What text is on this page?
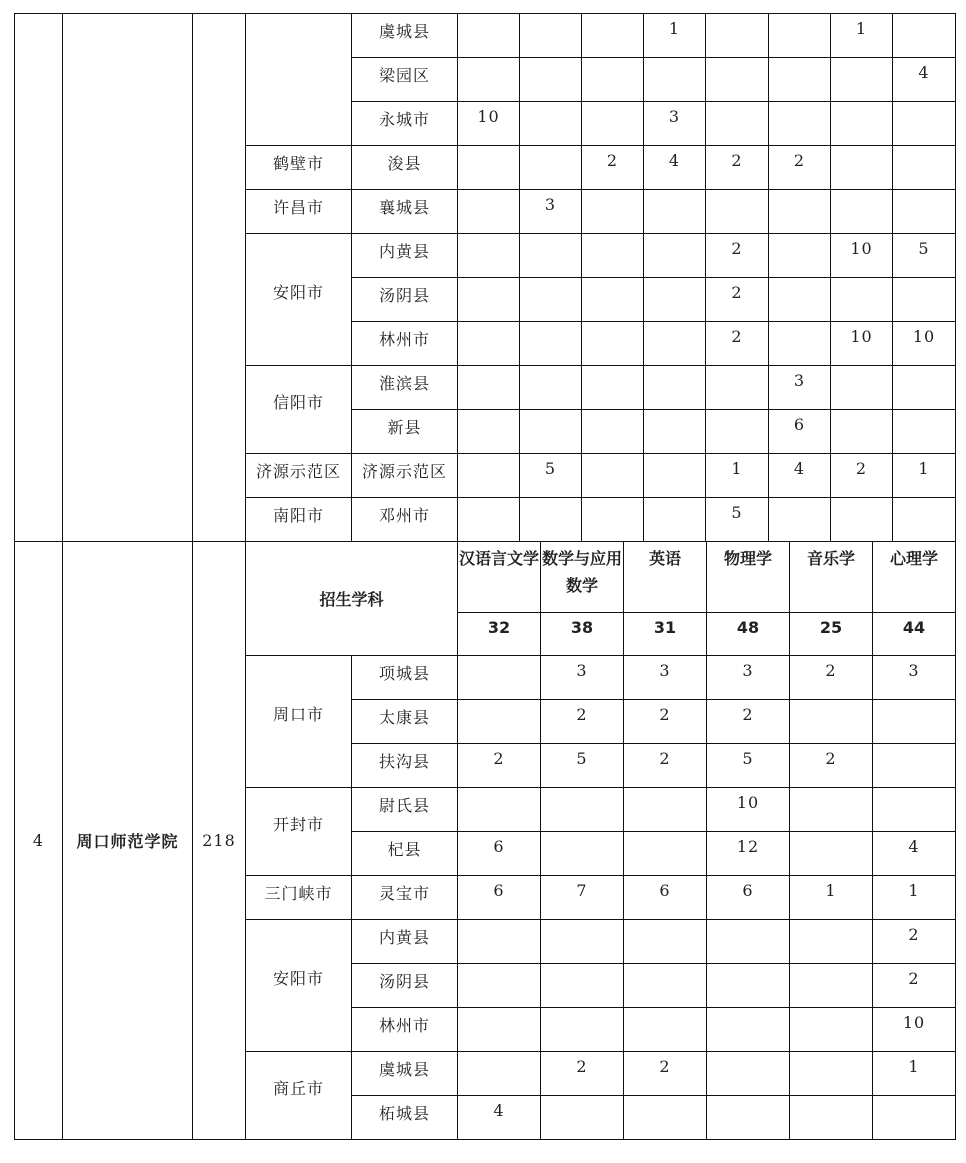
				虞城县				1			1	
				梁园区								4
				永城市	10			3				
			鹤壁市	浚县			2	4	2	2		
			许昌市	襄城县		3						
			安阳市	内黄县					2		10	5
				汤阴县					2			
				林州市					2		10	10
			信阳市	淮滨县						3		
				新县						6		
			济源示范区	济源示范区		5			1	4	2	1
			南阳市	邓州市					5			
4	周口师范学院	218	招生学科		汉语言文学	数学与应用数学	英语	物理学	音乐学	心理学
					32	38	31	48	25	44
			周口市	项城县		3	3	3	2	3
				太康县		2	2	2		
				扶沟县	2	5	2	5	2	
			开封市	尉氏县				10		
				杞县	6			12		4
			三门峡市	灵宝市	6	7	6	6	1	1
			安阳市	内黄县						2
				汤阴县						2
				林州市						10
			商丘市	虞城县		2	2			1
				柘城县	4					
